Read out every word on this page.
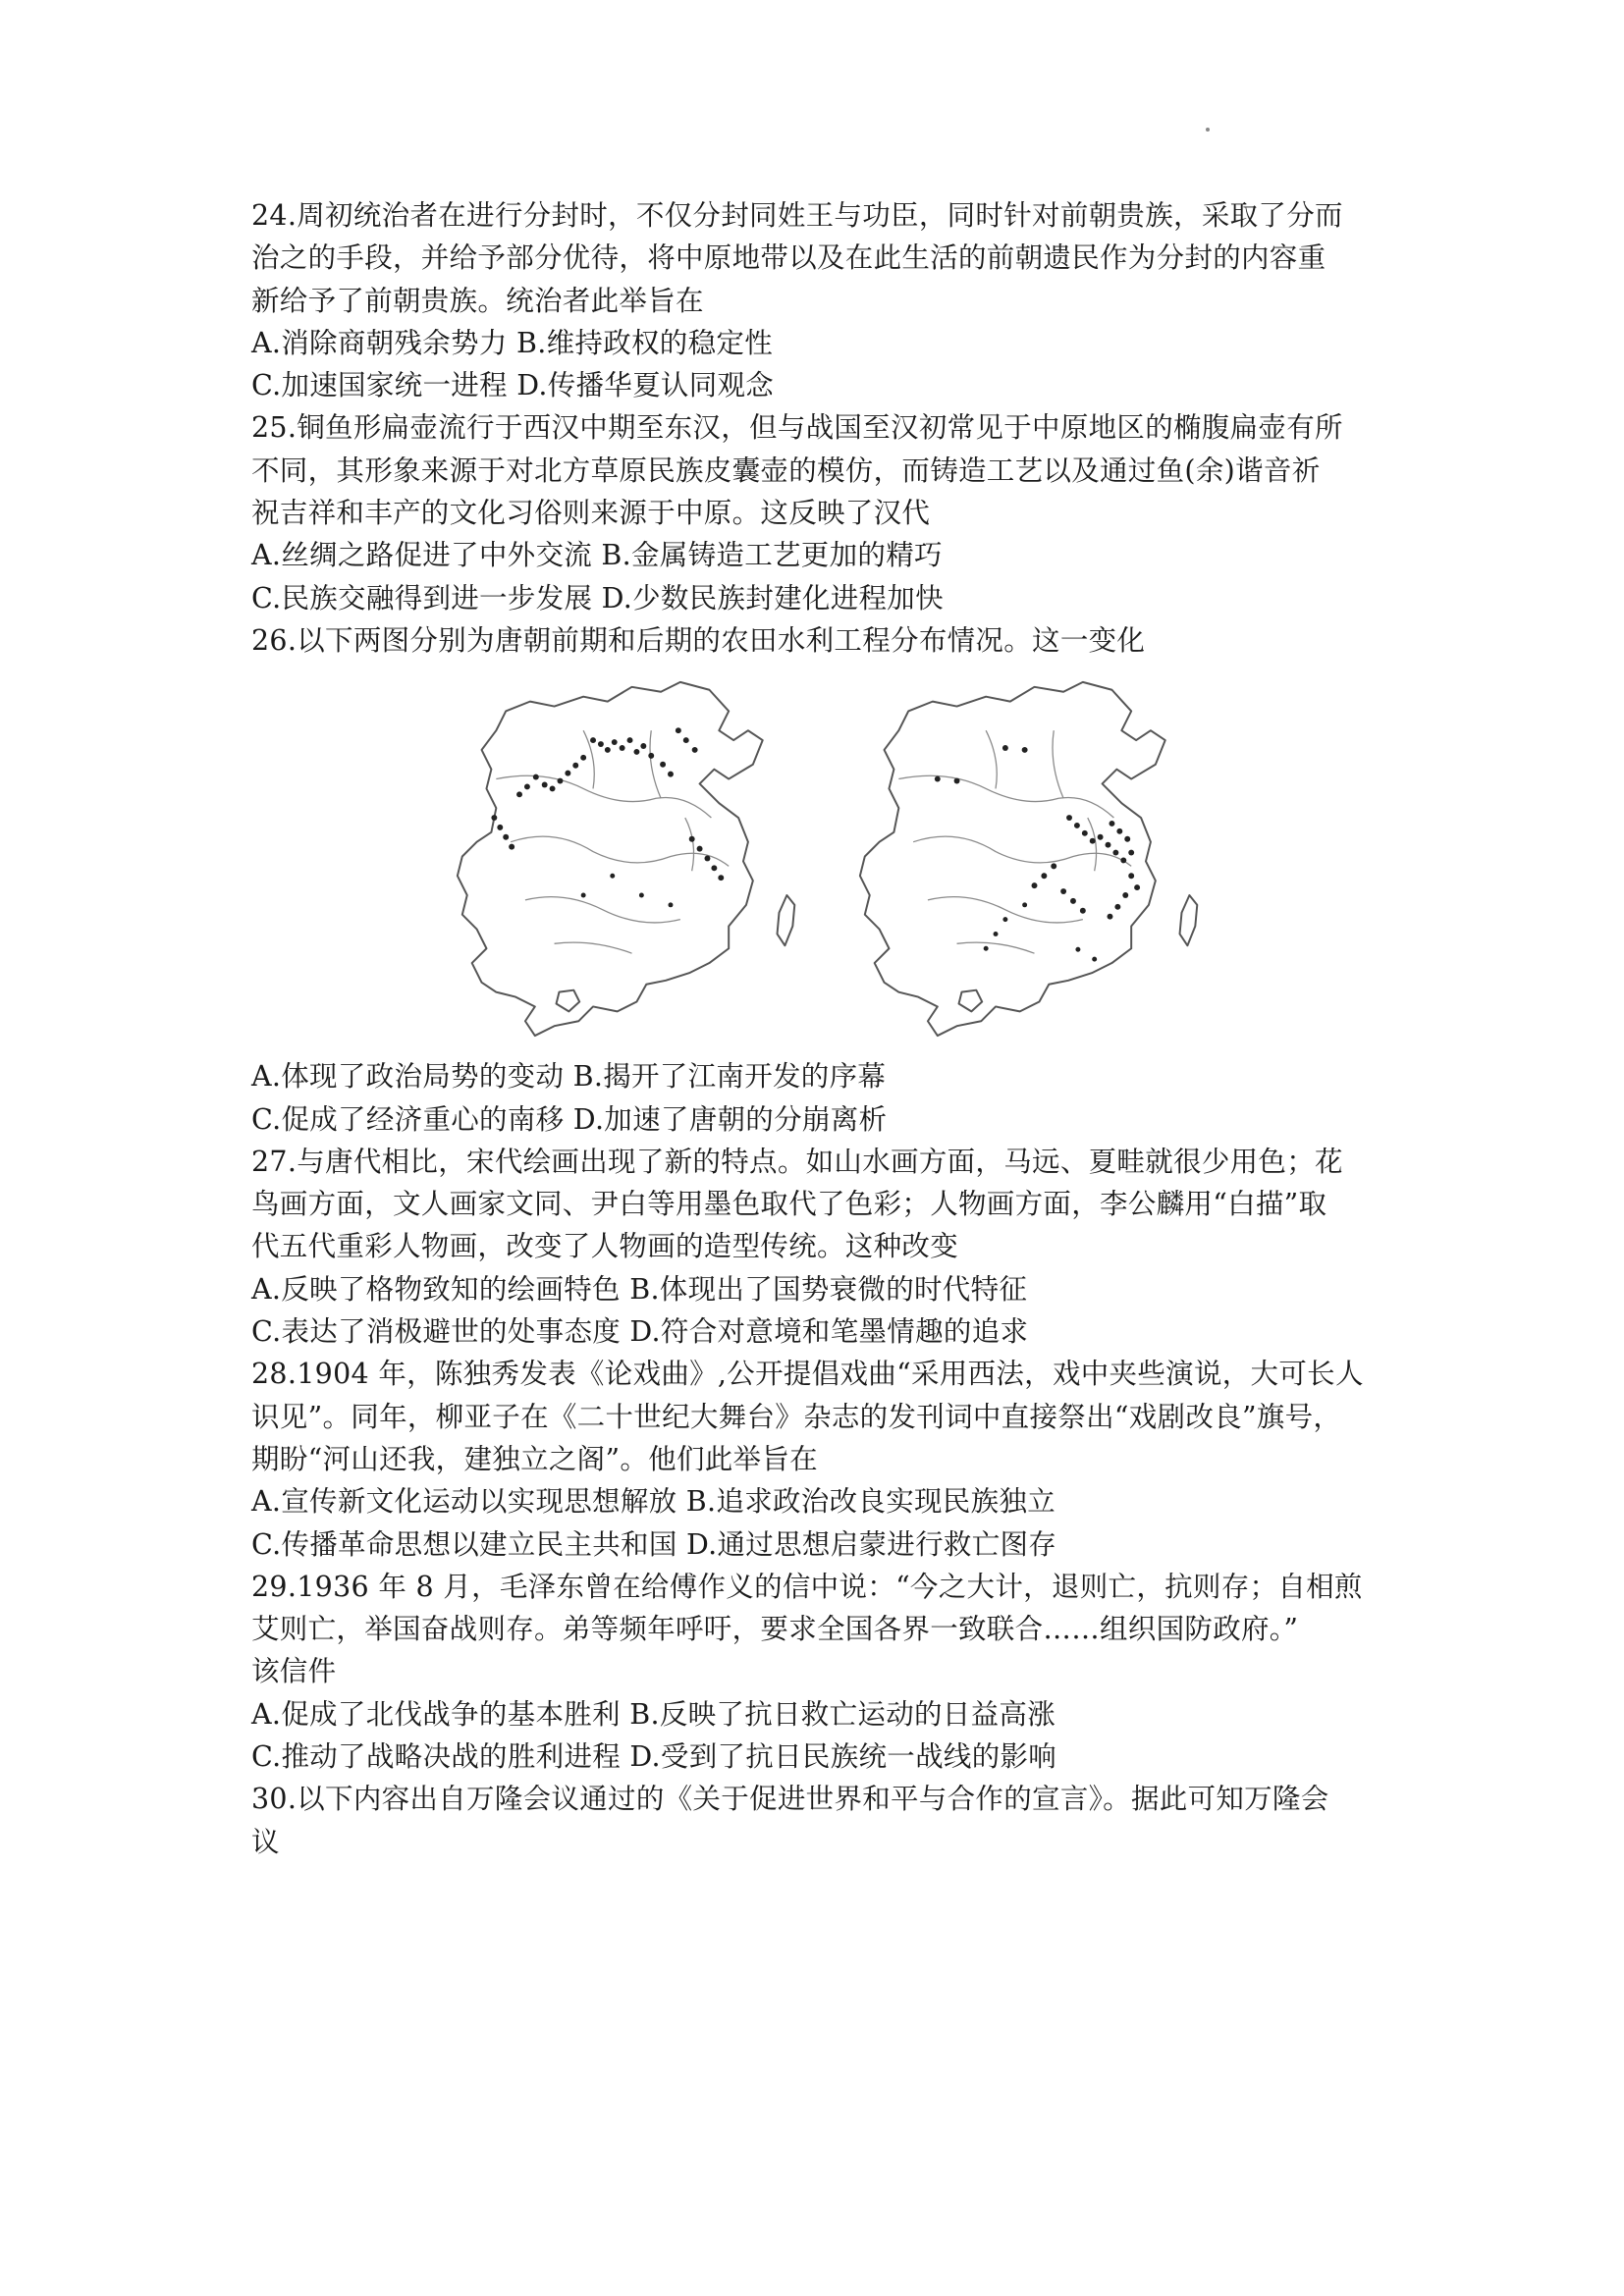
24.周初统治者在进行分封时，不仅分封同姓王与功臣，同时针对前朝贵族，采取了分而
治之的手段，并给予部分优待，将中原地带以及在此生活的前朝遗民作为分封的内容重
新给予了前朝贵族。统治者此举旨在
A.消除商朝残余势力 B.维持政权的稳定性
C.加速国家统一进程 D.传播华夏认同观念
25.铜鱼形扁壶流行于西汉中期至东汉，但与战国至汉初常见于中原地区的椭腹扁壶有所
不同，其形象来源于对北方草原民族皮囊壶的模仿，而铸造工艺以及通过鱼(余)谐音祈
祝吉祥和丰产的文化习俗则来源于中原。这反映了汉代
A.丝绸之路促进了中外交流 B.金属铸造工艺更加的精巧
C.民族交融得到进一步发展 D.少数民族封建化进程加快
26.以下两图分别为唐朝前期和后期的农田水利工程分布情况。这一变化
A.体现了政治局势的变动 B.揭开了江南开发的序幕
C.促成了经济重心的南移 D.加速了唐朝的分崩离析
27.与唐代相比，宋代绘画出现了新的特点。如山水画方面，马远、夏畦就很少用色；花
鸟画方面，文人画家文同、尹白等用墨色取代了色彩；人物画方面，李公麟用“白描”取
代五代重彩人物画，改变了人物画的造型传统。这种改变
A.反映了格物致知的绘画特色 B.体现出了国势衰微的时代特征
C.表达了消极避世的处事态度 D.符合对意境和笔墨情趣的追求
28.1904 年，陈独秀发表《论戏曲》,公开提倡戏曲“采用西法，戏中夹些演说，大可长人
识见”。同年，柳亚子在《二十世纪大舞台》杂志的发刊词中直接祭出“戏剧改良”旗号，
期盼“河山还我，建独立之阁”。他们此举旨在
A.宣传新文化运动以实现思想解放 B.追求政治改良实现民族独立
C.传播革命思想以建立民主共和国 D.通过思想启蒙进行救亡图存
29.1936 年 8 月，毛泽东曾在给傅作义的信中说：“今之大计，退则亡，抗则存；自相煎
艾则亡，举国奋战则存。弟等频年呼吁，要求全国各界一致联合……组织国防政府。”
该信件
A.促成了北伐战争的基本胜利 B.反映了抗日救亡运动的日益高涨
C.推动了战略决战的胜利进程 D.受到了抗日民族统一战线的影响
30.以下内容出自万隆会议通过的《关于促进世界和平与合作的宣言》。据此可知万隆会
议
